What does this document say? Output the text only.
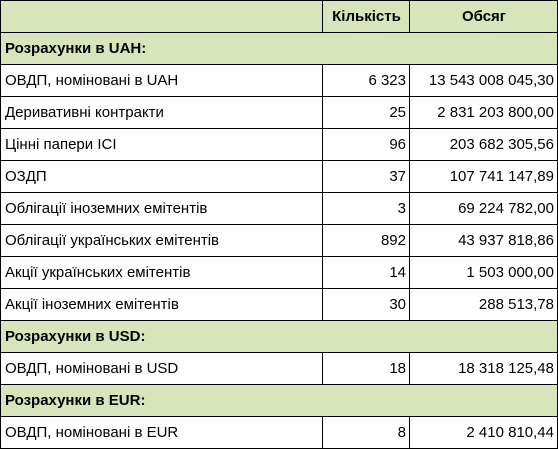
	Кількість	Обсяг
Розрахунки в UAH:		
ОВДП, номіновані в UAH	6 323	13 543 008 045,30
Деривативні контракти	25	2 831 203 800,00
Цінні папери ІСІ	96	203 682 305,56
ОЗДП	37	107 741 147,89
Облігації іноземних емітентів	3	69 224 782,00
Облігації українських емітентів	892	43 937 818,86
Акції українських емітентів	14	1 503 000,00
Акції іноземних емітентів	30	288 513,78
Розрахунки в USD:		
ОВДП, номіновані в USD	18	18 318 125,48
Розрахунки в EUR:		
ОВДП, номіновані в EUR	8	2 410 810,44
